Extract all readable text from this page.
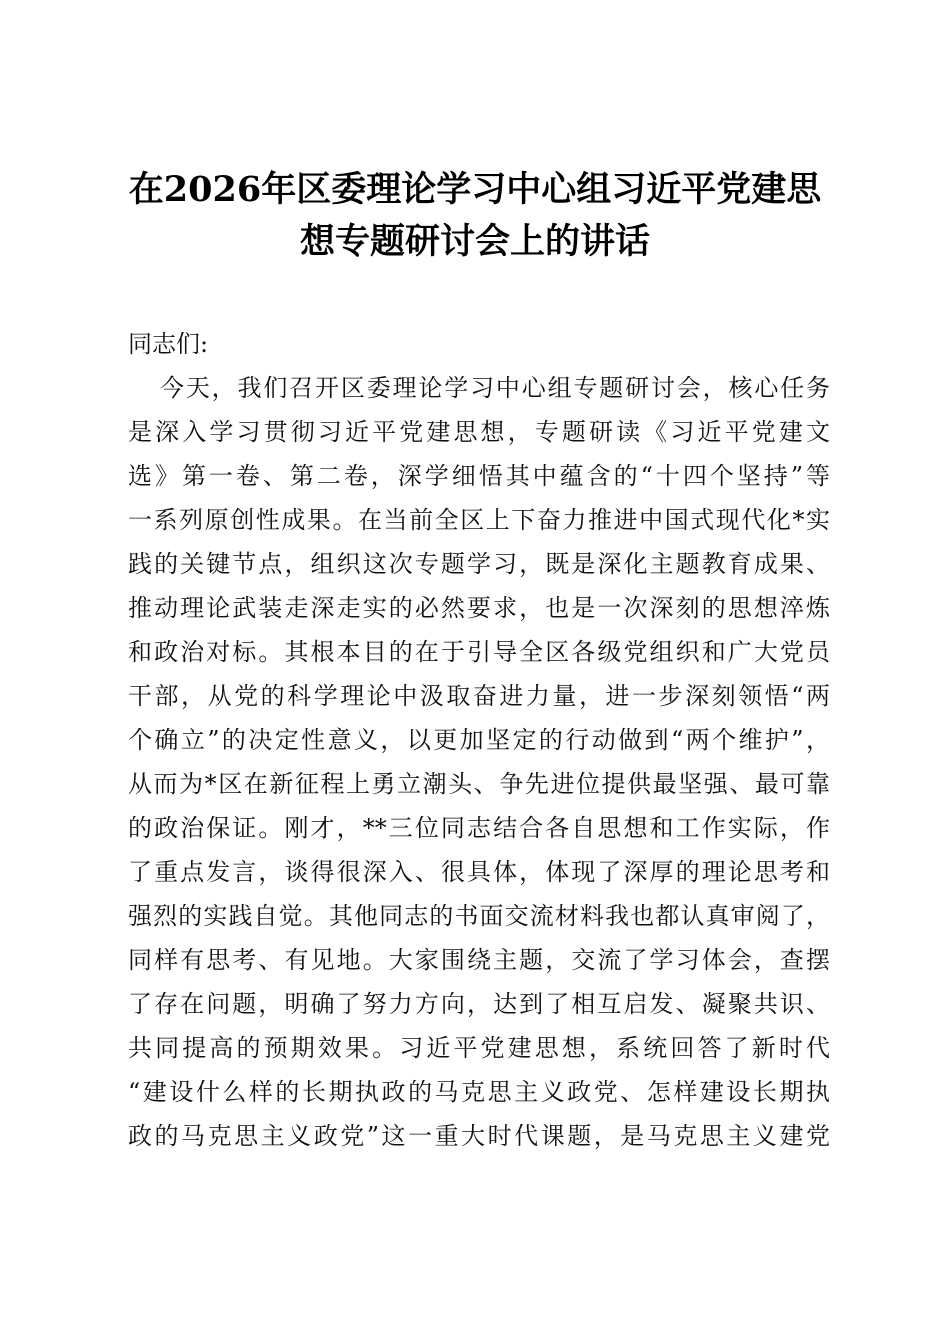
在2026年区委理论学习中心组习近平党建思
想专题研讨会上的讲话
同志们:
今天，我们召开区委理论学习中心组专题研讨会，核心任务
是深入学习贯彻习近平党建思想，专题研读《习近平党建文
选》第一卷、第二卷，深学细悟其中蕴含的“十四个坚持”等
一系列原创性成果。在当前全区上下奋力推进中国式现代化*实
践的关键节点，组织这次专题学习，既是深化主题教育成果、
推动理论武装走深走实的必然要求，也是一次深刻的思想淬炼
和政治对标。其根本目的在于引导全区各级党组织和广大党员
干部，从党的科学理论中汲取奋进力量，进一步深刻领悟“两
个确立”的决定性意义，以更加坚定的行动做到“两个维护”，
从而为*区在新征程上勇立潮头、争先进位提供最坚强、最可靠
的政治保证。刚才，**三位同志结合各自思想和工作实际，作
了重点发言，谈得很深入、很具体，体现了深厚的理论思考和
强烈的实践自觉。其他同志的书面交流材料我也都认真审阅了，
同样有思考、有见地。大家围绕主题，交流了学习体会，查摆
了存在问题，明确了努力方向，达到了相互启发、凝聚共识、
共同提高的预期效果。习近平党建思想，系统回答了新时代
“建设什么样的长期执政的马克思主义政党、怎样建设长期执
政的马克思主义政党”这一重大时代课题，是马克思主义建党
